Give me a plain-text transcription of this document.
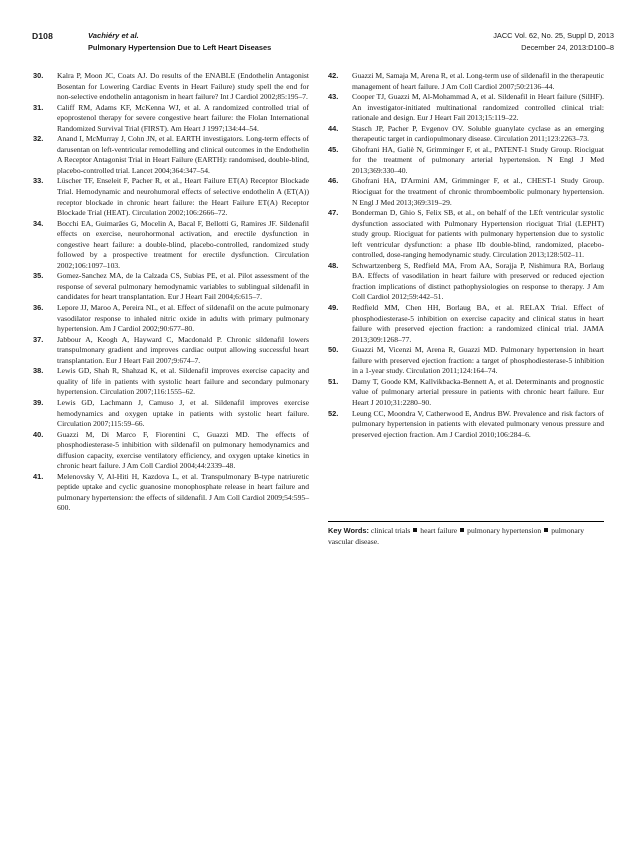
D108	Vachiéry et al.
Pulmonary Hypertension Due to Left Heart Diseases
JACC Vol. 62, No. 25, Suppl D, 2013
December 24, 2013:D100–8
30. Kalra P, Moon JC, Coats AJ. Do results of the ENABLE (Endothelin Antagonist Bosentan for Lowering Cardiac Events in Heart Failure) study spell the end for non-selective endothelin antagonism in heart failure? Int J Cardiol 2002;85:195–7.
31. Califf RM, Adams KF, McKenna WJ, et al. A randomized controlled trial of epoprostenol therapy for severe congestive heart failure: the Flolan International Randomized Survival Trial (FIRST). Am Heart J 1997;134:44–54.
32. Anand I, McMurray J, Cohn JN, et al. EARTH investigators. Long-term effects of darusentan on left-ventricular remodelling and clinical outcomes in the Endothelin A Receptor Antagonist Trial in Heart Failure (EARTH): randomised, double-blind, placebo-controlled trial. Lancet 2004;364:347–54.
33. Lüscher TF, Enseleit F, Pacher R, et al., Heart Failure ET(A) Receptor Blockade Trial. Hemodynamic and neurohumoral effects of selective endothelin A (ET(A)) receptor blockade in chronic heart failure: the Heart Failure ET(A) Receptor Blockade Trial (HEAT). Circulation 2002;106:2666–72.
34. Bocchi EA, Guimarães G, Mocelin A, Bacal F, Bellotti G, Ramires JF. Sildenafil effects on exercise, neurohormonal activation, and erectile dysfunction in congestive heart failure: a double-blind, placebo-controlled, randomized study followed by a prospective treatment for erectile dysfunction. Circulation 2002;106:1097–103.
35. Gomez-Sanchez MA, de la Calzada CS, Subias PE, et al. Pilot assessment of the response of several pulmonary hemodynamic variables to sublingual sildenafil in candidates for heart transplantation. Eur J Heart Fail 2004;6:615–7.
36. Lepore JJ, Maroo A, Pereira NL, et al. Effect of sildenafil on the acute pulmonary vasodilator response to inhaled nitric oxide in adults with primary pulmonary hypertension. Am J Cardiol 2002;90:677–80.
37. Jabbour A, Keogh A, Hayward C, Macdonald P. Chronic sildenafil lowers transpulmonary gradient and improves cardiac output allowing successful heart transplantation. Eur J Heart Fail 2007;9:674–7.
38. Lewis GD, Shah R, Shahzad K, et al. Sildenafil improves exercise capacity and quality of life in patients with systolic heart failure and secondary pulmonary hypertension. Circulation 2007;116:1555–62.
39. Lewis GD, Lachmann J, Camuso J, et al. Sildenafil improves exercise hemodynamics and oxygen uptake in patients with systolic heart failure. Circulation 2007;115:59–66.
40. Guazzi M, Di Marco F, Fiorentini C, Guazzi MD. The effects of phosphodiesterase-5 inhibition with sildenafil on pulmonary hemodynamics and diffusion capacity, exercise ventilatory efficiency, and oxygen uptake kinetics in chronic heart failure. J Am Coll Cardiol 2004;44:2339–48.
41. Melenovsky V, Al-Hiti H, Kazdova L, et al. Transpulmonary B-type natriuretic peptide uptake and cyclic guanosine monophosphate release in heart failure and pulmonary hypertension: the effects of sildenafil. J Am Coll Cardiol 2009;54:595–600.
42. Guazzi M, Samaja M, Arena R, et al. Long-term use of sildenafil in the therapeutic management of heart failure. J Am Coll Cardiol 2007;50:2136–44.
43. Cooper TJ, Guazzi M, Al-Mohammad A, et al. Sildenafil in Heart failure (SilHF). An investigator-initiated multinational randomized controlled clinical trial: rationale and design. Eur J Heart Fail 2013;15:119–22.
44. Stasch JP, Pacher P, Evgenov OV. Soluble guanylate cyclase as an emerging therapeutic target in cardiopulmonary disease. Circulation 2011;123:2263–73.
45. Ghofrani HA, Galiè N, Grimminger F, et al., PATENT-1 Study Group. Riociguat for the treatment of pulmonary arterial hypertension. N Engl J Med 2013;369:330–40.
46. Ghofrani HA, D'Armini AM, Grimminger F, et al., CHEST-1 Study Group. Riociguat for the treatment of chronic thromboembolic pulmonary hypertension. N Engl J Med 2013;369:319–29.
47. Bonderman D, Ghio S, Felix SB, et al., on behalf of the LEft ventricular systolic dysfunction associated with Pulmonary Hypertension riociguat Trial (LEPHT) study group. Riociguat for patients with pulmonary hypertension due to systolic left ventricular dysfunction: a phase IIb double-blind, randomized, placebo-controlled, dose-ranging hemodynamic study. Circulation 2013;128:502–11.
48. Schwartzenberg S, Redfield MA, From AA, Sorajja P, Nishimura RA, Borlaug BA. Effects of vasodilation in heart failure with preserved or reduced ejection fraction implications of distinct pathophysiologies on response to therapy. J Am Coll Cardiol 2012;59:442–51.
49. Redfield MM, Chen HH, Borlaug BA, et al. RELAX Trial. Effect of phosphodiesterase-5 inhibition on exercise capacity and clinical status in heart failure with preserved ejection fraction: a randomized clinical trial. JAMA 2013;309:1268–77.
50. Guazzi M, Vicenzi M, Arena R, Guazzi MD. Pulmonary hypertension in heart failure with preserved ejection fraction: a target of phosphodiesterase-5 inhibition in a 1-year study. Circulation 2011;124:164–74.
51. Damy T, Goode KM, Kallvikbacka-Bennett A, et al. Determinants and prognostic value of pulmonary arterial pressure in patients with chronic heart failure. Eur Heart J 2010;31:2280–90.
52. Leung CC, Moondra V, Catherwood E, Andrus BW. Prevalence and risk factors of pulmonary hypertension in patients with elevated pulmonary venous pressure and preserved ejection fraction. Am J Cardiol 2010;106:284–6.
Key Words: clinical trials heart failure pulmonary hypertension pulmonary vascular disease.
